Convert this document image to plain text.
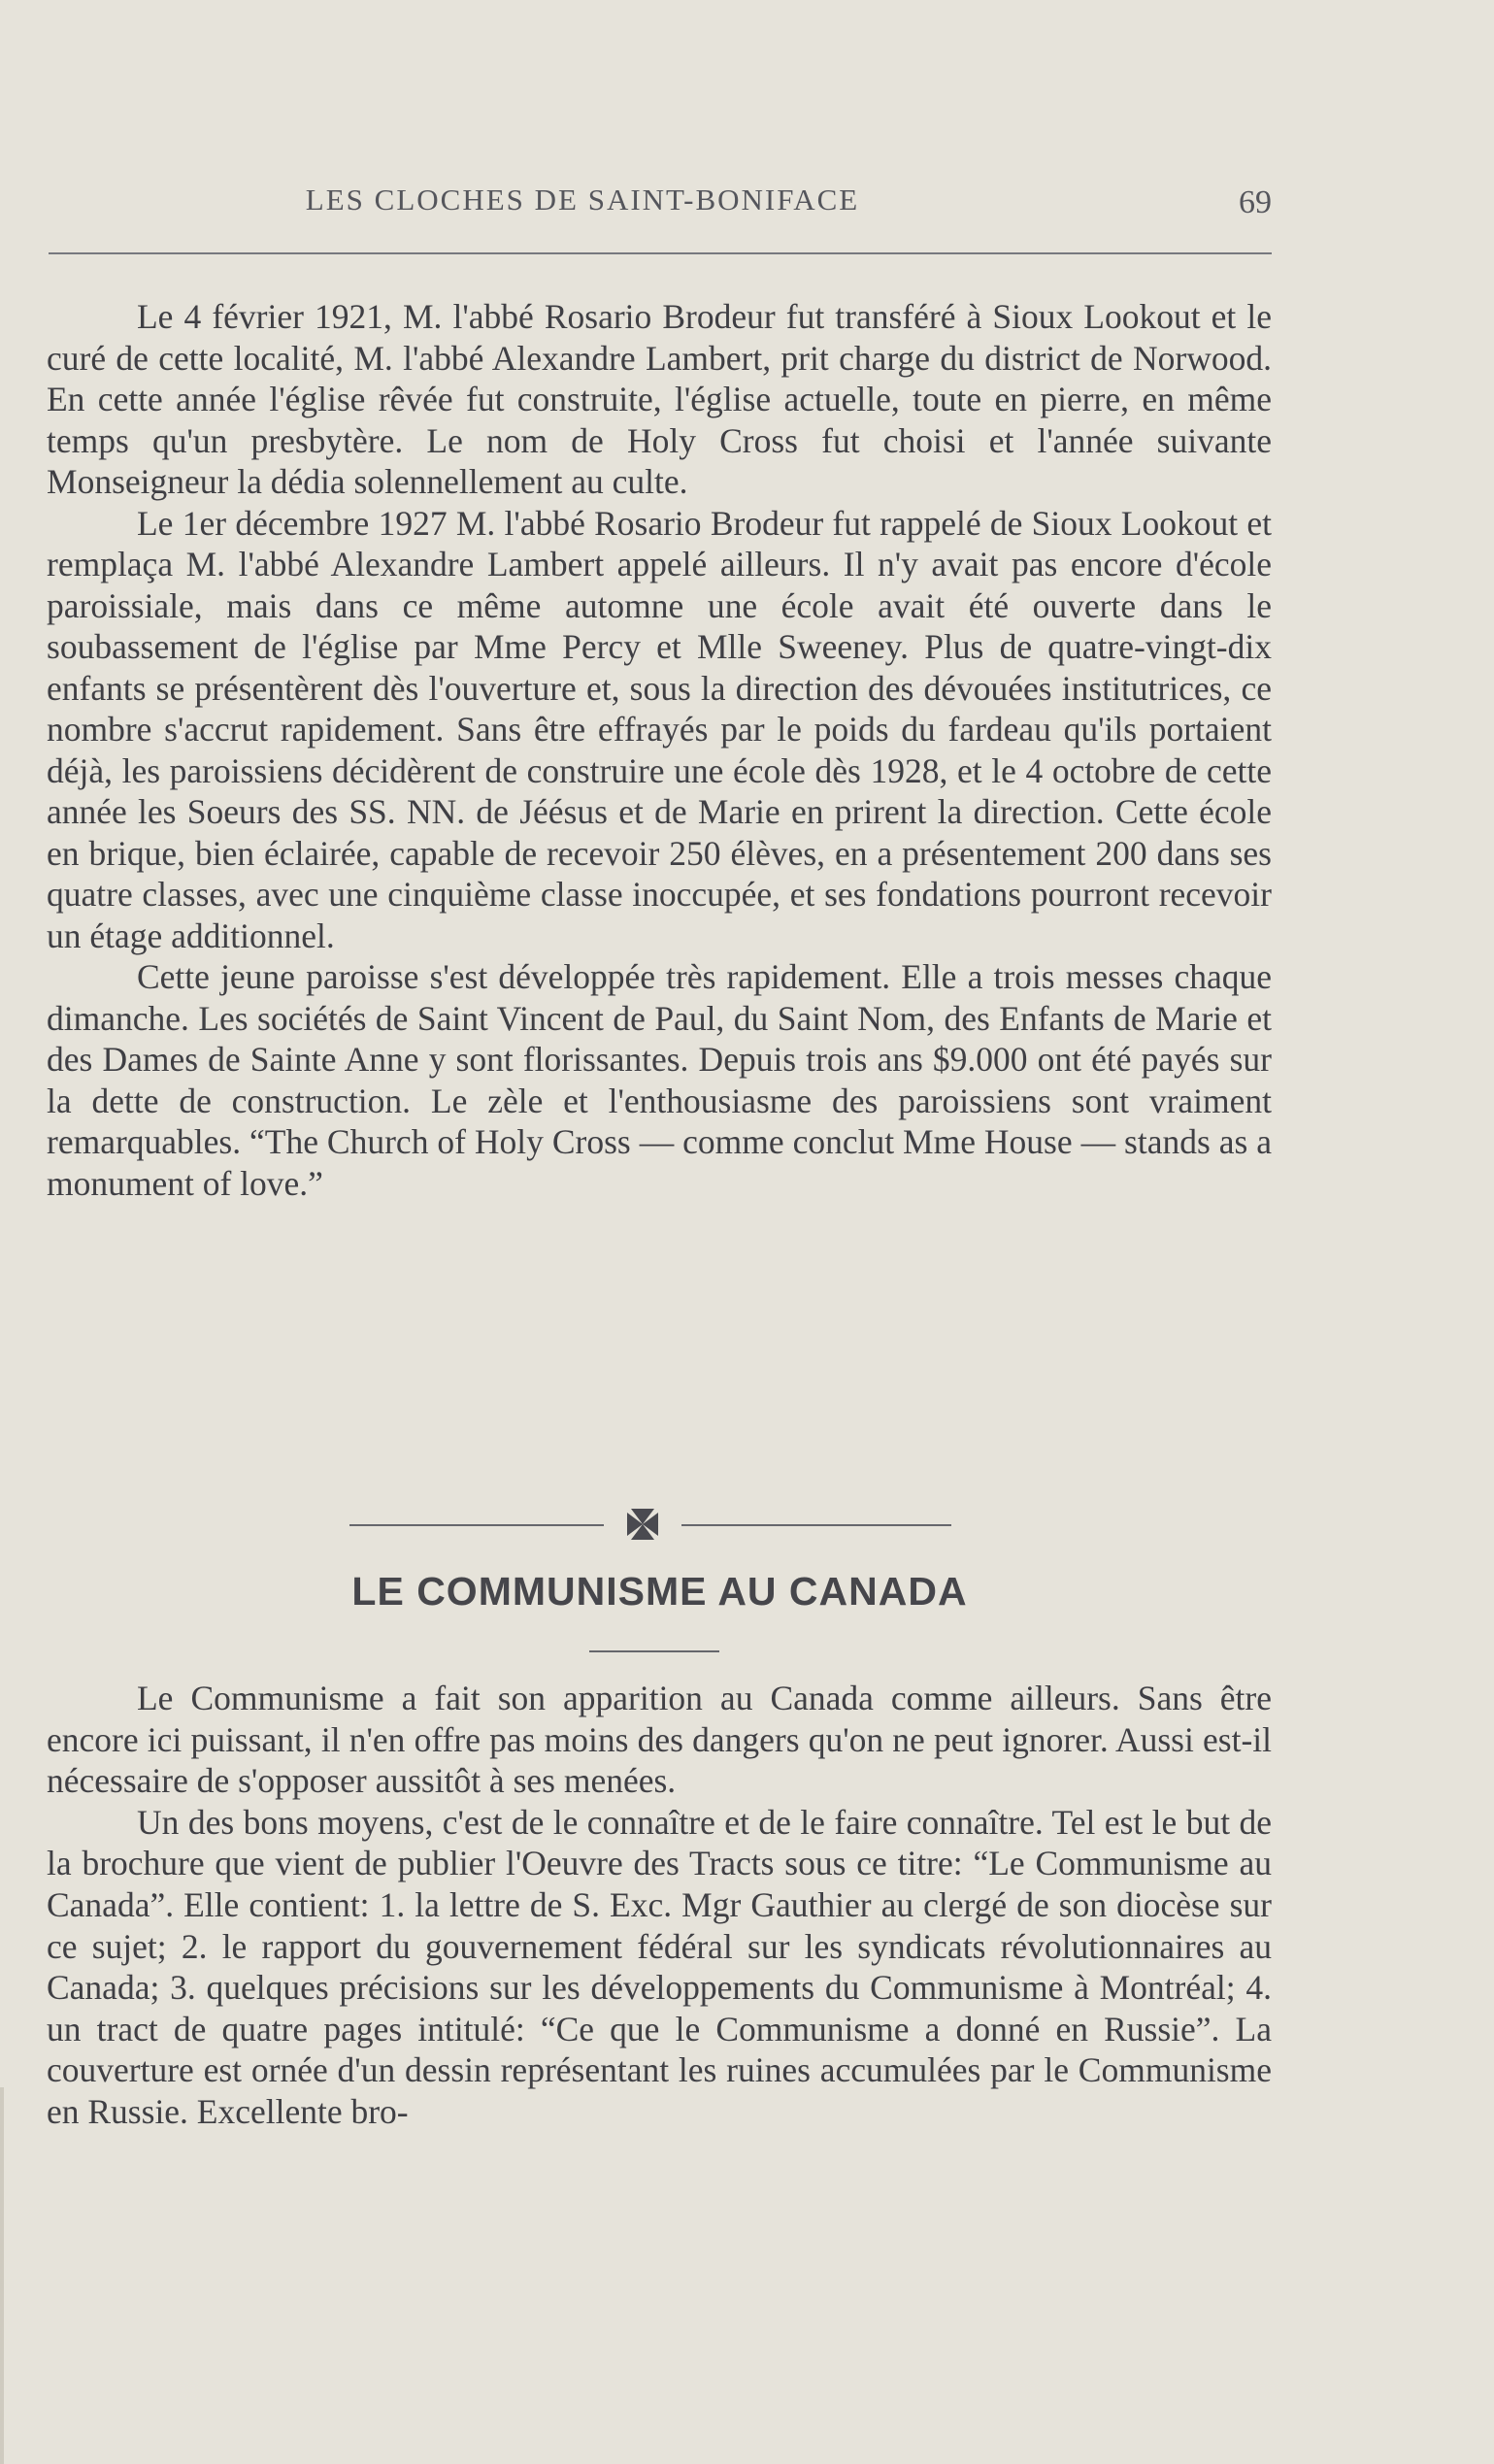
LES CLOCHES DE SAINT-BONIFACE	69

Le 4 février 1921, M. l'abbé Rosario Brodeur fut transféré à Sioux Lookout et le curé de cette localité, M. l'abbé Alexandre Lambert, prit charge du district de Norwood. En cette année l'église rêvée fut construite, l'église actuelle, toute en pierre, en même temps qu'un presbytère. Le nom de Holy Cross fut choisi et l'année suivante Monseigneur la dédia solennellement au culte.

Le 1er décembre 1927 M. l'abbé Rosario Brodeur fut rappelé de Sioux Lookout et remplaça M. l'abbé Alexandre Lambert appelé ailleurs. Il n'y avait pas encore d'école paroissiale, mais dans ce même automne une école avait été ouverte dans le soubassement de l'église par Mme Percy et Mlle Sweeney. Plus de quatre-vingt-dix enfants se présentèrent dès l'ouverture et, sous la direction des dévouées institutrices, ce nombre s'accrut rapidement. Sans être effrayés par le poids du fardeau qu'ils portaient déjà, les paroissiens décidèrent de construire une école dès 1928, et le 4 octobre de cette année les Soeurs des SS. NN. de Jéésus et de Marie en prirent la direction. Cette école en brique, bien éclairée, capable de recevoir 250 élèves, en a présentement 200 dans ses quatre classes, avec une cinquième classe inoccupée, et ses fondations pourront recevoir un étage additionnel.

Cette jeune paroisse s'est développée très rapidement. Elle a trois messes chaque dimanche. Les sociétés de Saint Vincent de Paul, du Saint Nom, des Enfants de Marie et des Dames de Sainte Anne y sont florissantes. Depuis trois ans $9.000 ont été payés sur la dette de construction. Le zèle et l'enthousiasme des paroissiens sont vraiment remarquables. “The Church of Holy Cross — comme conclut Mme House — stands as a monument of love.”

LE COMMUNISME AU CANADA

Le Communisme a fait son apparition au Canada comme ailleurs. Sans être encore ici puissant, il n'en offre pas moins des dangers qu'on ne peut ignorer. Aussi est-il nécessaire de s'opposer aussitôt à ses menées.

Un des bons moyens, c'est de le connaître et de le faire connaître. Tel est le but de la brochure que vient de publier l'Oeuvre des Tracts sous ce titre: “Le Communisme au Canada”. Elle contient: 1. la lettre de S. Exc. Mgr Gauthier au clergé de son diocèse sur ce sujet; 2. le rapport du gouvernement fédéral sur les syndicats révolutionnaires au Canada; 3. quelques précisions sur les développements du Communisme à Montréal; 4. un tract de quatre pages intitulé: “Ce que le Communisme a donné en Russie”. La couverture est ornée d'un dessin représentant les ruines accumulées par le Communisme en Russie. Excellente bro-
